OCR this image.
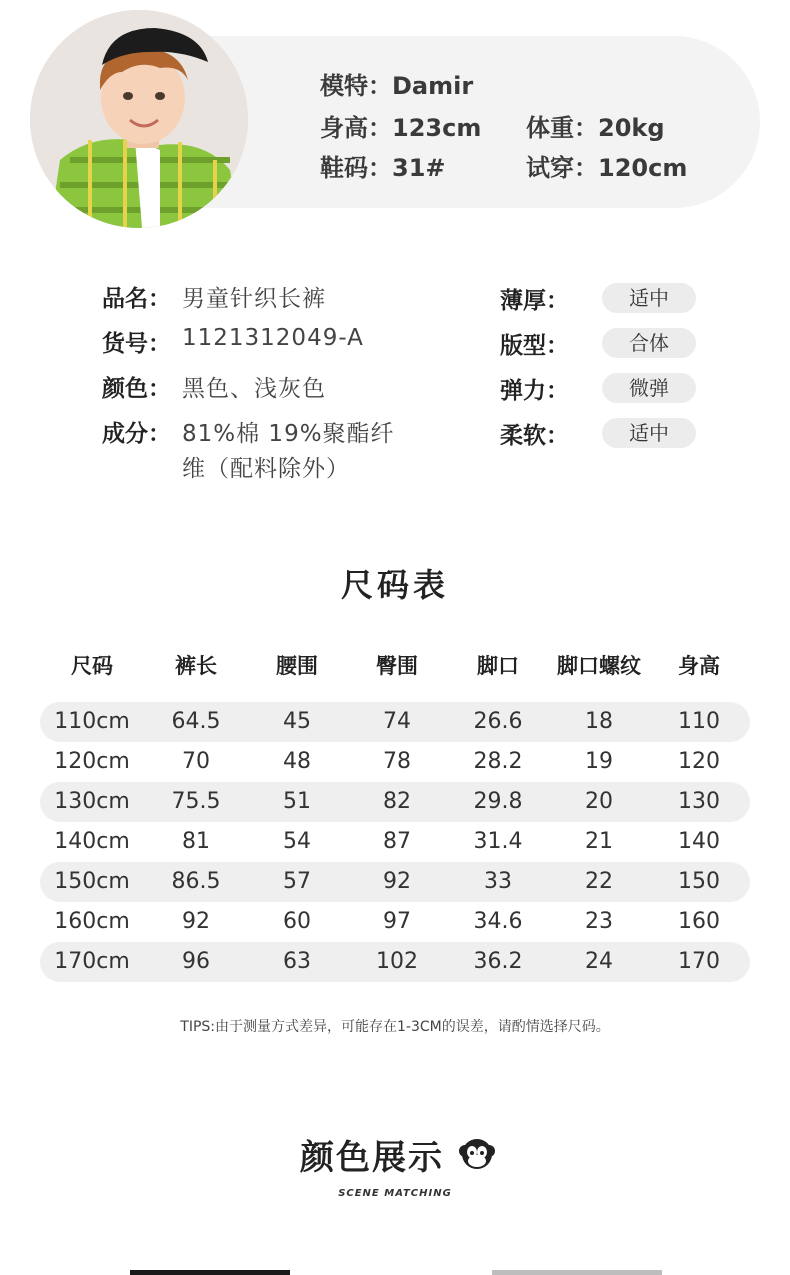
模特：Damir
身高：123cm 体重：20kg
鞋码：31#	试穿：120cm
品名： 男童针织长裤
货号： 1121312049-A
颜色： 黑色、浅灰色
成分： 81%棉 19%聚酯纤
维（配料除外）
薄厚：	适中
版型：	合体
弹力：	微弹
柔软：	适中
尺码表
尺码	裤长	腰围	臀围	脚口	脚口螺纹	身高
110cm	64.5	45	74	26.6	18	110
120cm	70	48	78	28.2	19	120
130cm	75.5	51	82	29.8	20	130
140cm	81	54	87	31.4	21	140
150cm	86.5	57	92	33	22	150
160cm	92	60	97	34.6	23	160
170cm	96	63	102	36.2	24	170
TIPS:由于测量方式差异，可能存在1-3CM的误差，请酌情选择尺码。
颜色展示
SCENE MATCHING
